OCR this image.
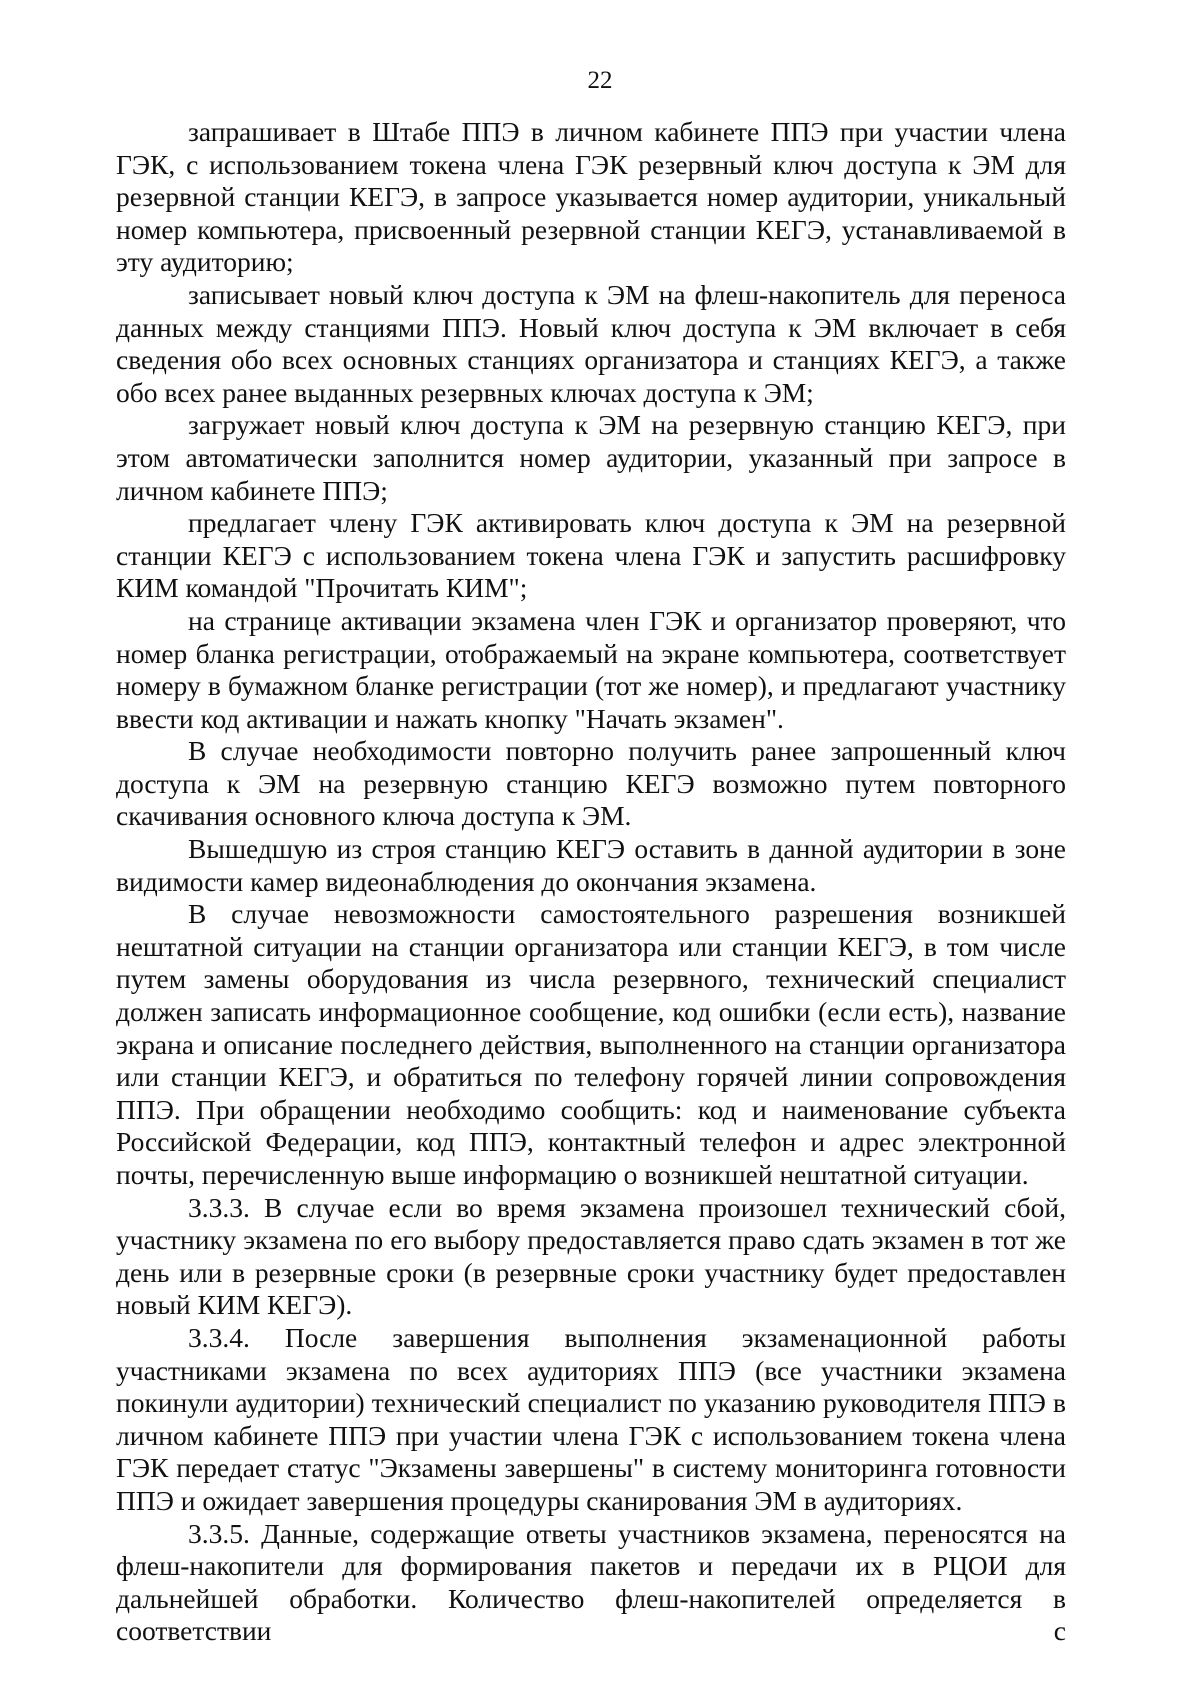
22

запрашивает в Штабе ППЭ в личном кабинете ППЭ при участии члена ГЭК, с использованием токена члена ГЭК резервный ключ доступа к ЭМ для резервной станции КЕГЭ, в запросе указывается номер аудитории, уникальный номер компьютера, присвоенный резервной станции КЕГЭ, устанавливаемой в эту аудиторию;

записывает новый ключ доступа к ЭМ на флеш-накопитель для переноса данных между станциями ППЭ. Новый ключ доступа к ЭМ включает в себя сведения обо всех основных станциях организатора и станциях КЕГЭ, а также обо всех ранее выданных резервных ключах доступа к ЭМ;

загружает новый ключ доступа к ЭМ на резервную станцию КЕГЭ, при этом автоматически заполнится номер аудитории, указанный при запросе в личном кабинете ППЭ;

предлагает члену ГЭК активировать ключ доступа к ЭМ на резервной станции КЕГЭ с использованием токена члена ГЭК и запустить расшифровку КИМ командой "Прочитать КИМ";

на странице активации экзамена член ГЭК и организатор проверяют, что номер бланка регистрации, отображаемый на экране компьютера, соответствует номеру в бумажном бланке регистрации (тот же номер), и предлагают участнику ввести код активации и нажать кнопку "Начать экзамен".

В случае необходимости повторно получить ранее запрошенный ключ доступа к ЭМ на резервную станцию КЕГЭ возможно путем повторного скачивания основного ключа доступа к ЭМ.

Вышедшую из строя станцию КЕГЭ оставить в данной аудитории в зоне видимости камер видеонаблюдения до окончания экзамена.

В случае невозможности самостоятельного разрешения возникшей нештатной ситуации на станции организатора или станции КЕГЭ, в том числе путем замены оборудования из числа резервного, технический специалист должен записать информационное сообщение, код ошибки (если есть), название экрана и описание последнего действия, выполненного на станции организатора или станции КЕГЭ, и обратиться по телефону горячей линии сопровождения ППЭ. При обращении необходимо сообщить: код и наименование субъекта Российской Федерации, код ППЭ, контактный телефон и адрес электронной почты, перечисленную выше информацию о возникшей нештатной ситуации.

3.3.3. В случае если во время экзамена произошел технический сбой, участнику экзамена по его выбору предоставляется право сдать экзамен в тот же день или в резервные сроки (в резервные сроки участнику будет предоставлен новый КИМ КЕГЭ).

3.3.4. После завершения выполнения экзаменационной работы участниками экзамена по всех аудиториях ППЭ (все участники экзамена покинули аудитории) технический специалист по указанию руководителя ППЭ в личном кабинете ППЭ при участии члена ГЭК с использованием токена члена ГЭК передает статус "Экзамены завершены" в систему мониторинга готовности ППЭ и ожидает завершения процедуры сканирования ЭМ в аудиториях.

3.3.5. Данные, содержащие ответы участников экзамена, переносятся на флеш-накопители для формирования пакетов и передачи их в РЦОИ для дальнейшей обработки. Количество флеш-накопителей определяется в соответствии с
